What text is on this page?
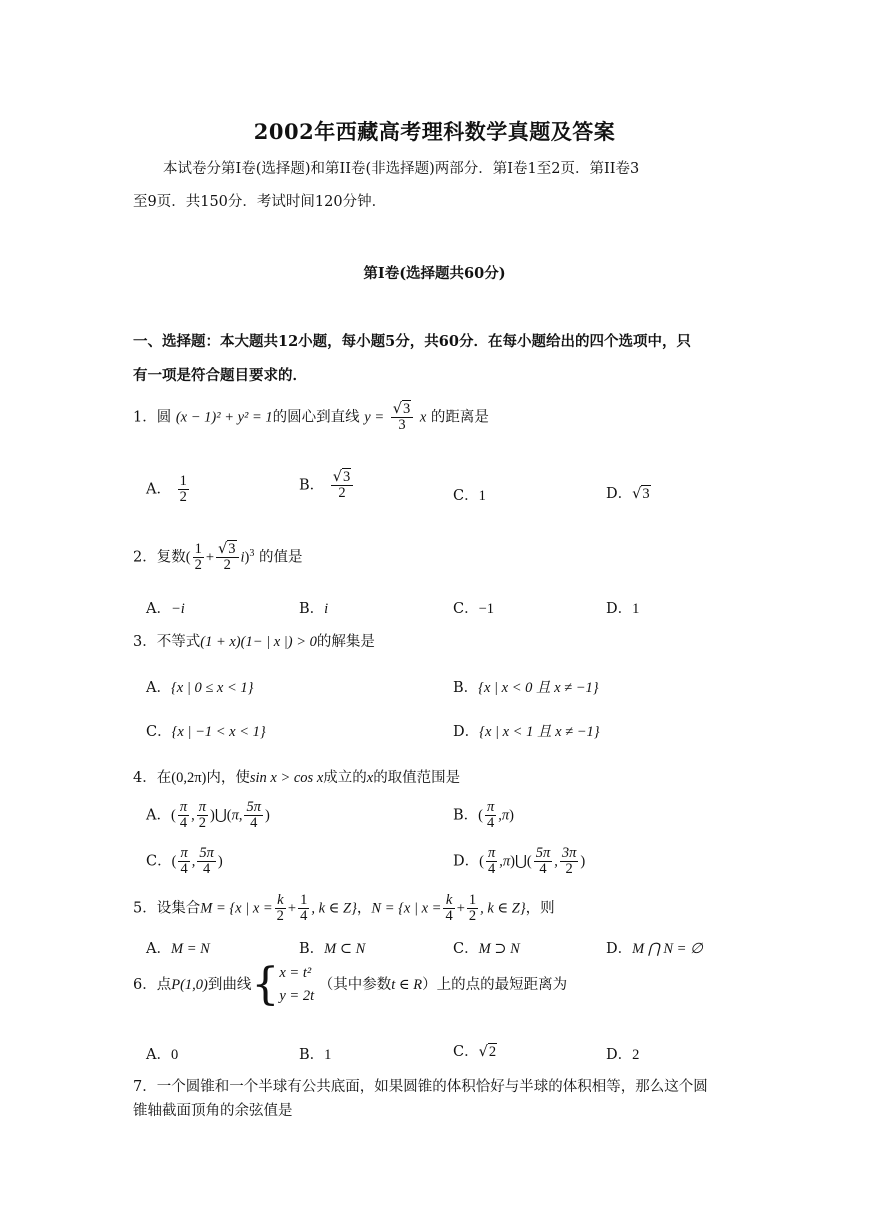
2002年西藏高考理科数学真题及答案
本试卷分第Ⅰ卷(选择题)和第II卷(非选择题)两部分．第Ⅰ卷1至2页．第II卷3
至9页．共150分．考试时间120分钟．
第Ⅰ卷(选择题共60分)
一、选择题：本大题共12小题，每小题5分，共60分．在每小题给出的四个选项中，只
有一项是符合题目要求的．
1．圆 (x − 1)² + y² = 1的圆心到直线 $y = \frac{√3}{3}$ x 的距离是
A． $\frac{1}{2}$	B． $\frac{√3}{2}$	C．1	D．√3
2．复数( $\frac{1}{2} + \frac{√3}{2} i)^3$ 的值是
A．−i	B．i	C．−1	D．1
3．不等式(1 + x)(1− | x |) > 0的解集是
A．{x | 0 ≤ x < 1}	B．{x | x < 0 且 x ≠ −1}
C．{x | −1 < x < 1}	D．{x | x < 1 且 x ≠ −1}
4．在(0,2π)内，使sin x > cos x成立的x的取值范围是
A．( $\frac{\pi}{4}$ , $\frac{\pi}{2}$ )⋃(π, $\frac{5\pi}{4}$ )	B．( $\frac{\pi}{4} ,\pi$)
C．( $\frac{\pi}{4}$ , $\frac{5\pi}{4}$ )	D．( $\frac{\pi}{4}$ ,π)⋃( $\frac{5\pi}{4}$ , $\frac{3\pi}{2}$ )
5．设集合M = {x | $x = \frac{k}{2} + \frac{1}{4}$ , k ∈ Z}，N = {x | $x = \frac{k}{4} + \frac{1}{2}$ , k ∈ Z}，则
A．M = N	B．M ⊂ N	C．M ⊃ N	D．M ⋂ N = ∅
6．点P(1,0)到曲线{ x = t²
y = 2t
（其中参数t ∈ R）上的点的最短距离为
A．0	B．1	C．√2	D．2
7．一个圆锥和一个半球有公共底面，如果圆锥的体积恰好与半球的体积相等，那么这个圆
锥轴截面顶角的余弦值是
